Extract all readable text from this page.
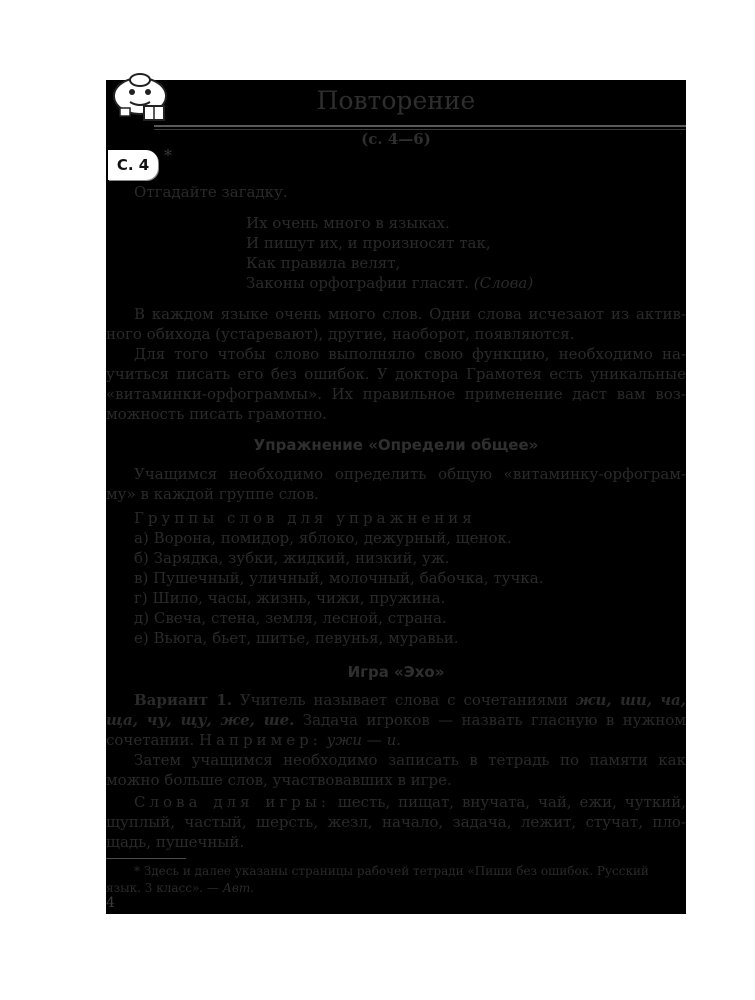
Повторение
(с. 4—6)
С. 4 *
Отгадайте загадку.
Их очень много в языках.
И пишут их, и произносят так,
Как правила велят,
Законы орфографии гласят. (Слова)
В каждом языке очень много слов. Одни слова исчезают из актив-
ного обихода (устаревают), другие, наоборот, появляются.
Для того чтобы слово выполняло свою функцию, необходимо на-
учиться писать его без ошибок. У доктора Грамотея есть уникальные
«витаминки-орфограммы». Их правильное применение даст вам воз-
можность писать грамотно.
Упражнение «Определи общее»
Учащимся необходимо определить общую «витаминку-орфограм-
му» в каждой группе слов.
Группы слов для упражнения
а) Ворона, помидор, яблоко, дежурный, щенок.
б) Зарядка, зубки, жидкий, низкий, уж.
в) Пушечный, уличный, молочный, бабочка, тучка.
г) Шило, часы, жизнь, чижи, пружина.
д) Свеча, стена, земля, лесной, страна.
е) Вьюга, бьет, шитье, певунья, муравьи.
Игра «Эхо»
Вариант 1. Учитель называет слова с сочетаниями жи, ши, ча,
ща, чу, щу, же, ше. Задача игроков — назвать гласную в нужном
сочетании. Например: ужи — и.
Затем учащимся необходимо записать в тетрадь по памяти как
можно больше слов, участвовавших в игре.
Слова для игры: шесть, пищат, внучата, чай, ежи, чуткий,
щуплый, частый, шерсть, жезл, начало, задача, лежит, стучат, пло-
щадь, пушечный.
* Здесь и далее указаны страницы рабочей тетради «Пиши без ошибок. Русский
язык. 3 класс». — Авт.
4
